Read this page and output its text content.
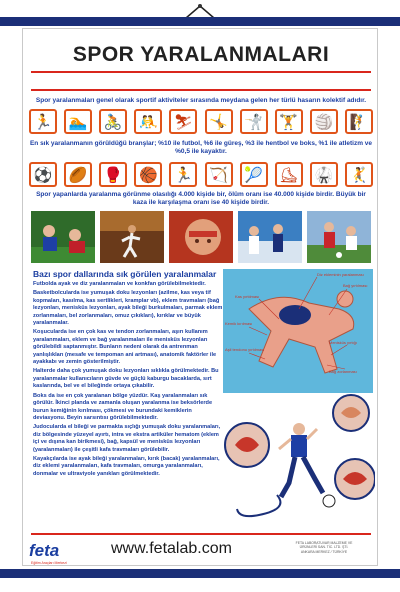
SPOR YARALANMALARI
Spor yaralanmaları genel olarak sportif aktiviteler sırasında meydana gelen her türlü hasarın kolektif adıdır.
🏃	🏊	🚴	🤼	⛷	🤸	🤺	🏋	🏐	🧗
En sık yaralanmanın görüldüğü branşlar; %10 ile futbol, %6 ile güreş, %3 ile hentbol ve boks, %1 ile atletizm ve %0,5 ile kayaktır.
⚽	🏉	🥊	🏀	🏃	🏹	🎾	⛸	🥋	🤾
Spor yapanlarda yaralanma görünme olasılığı 4.000 kişide bir, ölüm oranı ise 40.000 kişide birdir. Büyük bir kaza ile karşılaşma oranı ise 40 kişide birdir.
Bazı spor dallarında sık görülen yaralanmalar

Futbolda ayak ve diz yaralanmaları ve konkfan görülebilmektedir.

Basketbolcularda ise yumuşak doku lezyonları (azilme, kas veya tif kopmaları, kasılma, kas sertlikleri, kramplar vb), eklem travmaları (bağ lezyonları, menisküs lezyonları, ayak bileği burkulmaları, parmak eklem zorlanmaları, bel zorlanmaları, omuz çıkıkları), kırıklar ve büyük yaralanmalar.

Koşucularda ise en çok kas ve tendon zorlanmaları, aşırı kullanım yaralanmaları, eklem ve bağ yaralanmaları ile menisküs lezyonları görülebildi saptanmıştır. Bunların nedeni olarak da antrenman yanlışlıkları (mesafe ve tempoman ani artması), anatomik faktörler ile ayakkabı ve zemin gösterilmiştir.

Halterde daha çok yumuşak doku lezyonları sıklıkla görülmektedir. Bu yaralanmalar kullanıcıların güvde ve güçlü kaburgu bacaklarda, sırt kaslarında, bel ve el bileğinde ortaya çıkabilir.

Boks da ise en çok yaralanan bölge yüzdür. Kaş yaralanmaları sık görülür. İkinci planda ve zamanla oluşan yaralanma ise beksörlerde burun kemiğinin kırılması, çökmesi ve burundaki kemiklerin deviasyonu. Beyin sarsıntısı görülebilmektedir.

Judocularda el bileği ve parmakta sıçlığı yumuşak doku yaralanmaları, diz bölgesinde yüzeyel ayırtı, intra ve ekstra artiküler hematom (eklem içi ve dışına kan birikmesi), bağ, kapsül ve menisküs lezyonları (yaralanmaları) ile çeşitli kafa travmaları görülebilir.

Kayakçılarda ise ayak bileği yaralanmaları, kırık (bacak) yaralanmaları, diz eklemi yaralanmaları, kafa travmaları, omurga yaralanmaları, donmalar ve ultraviyole yanıkları görülmektedir.

Diz ekleminin yaralanması
Bağ yırtılması
Kas yırtılması
Kemik kırılması
Menisküs yırtığı
Bağ zorlanması
Aşil tendonu yırtılması
feta
Eğitim Araçları Merkezi
www.fetalab.com	FETA LABORATUVAR MALZEME VE
ÜRÜNLERİ SAN. TİC. LTD. ŞTİ.
ANKARA MERKEZ / TÜRKİYE
